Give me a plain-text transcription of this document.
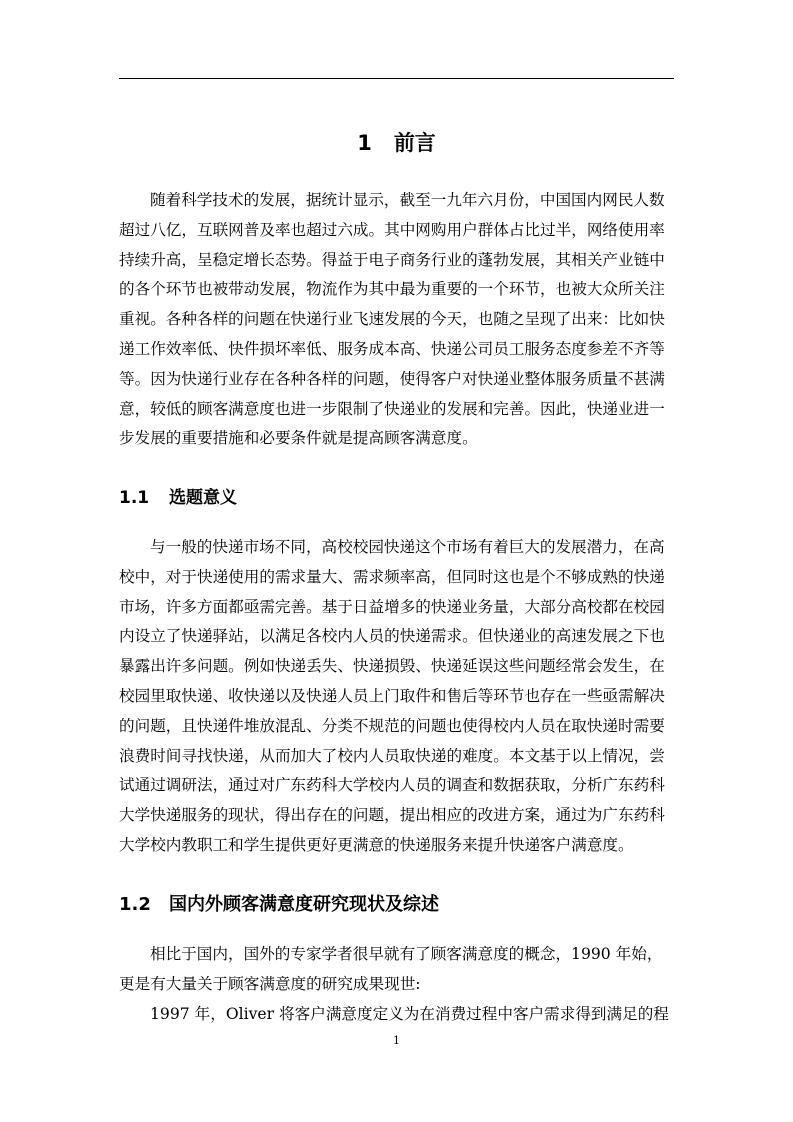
1 前言
随着科学技术的发展，据统计显示，截至一九年六月份，中国国内网民人数
超过八亿，互联网普及率也超过六成。其中网购用户群体占比过半，网络使用率
持续升高，呈稳定增长态势。得益于电子商务行业的蓬勃发展，其相关产业链中
的各个环节也被带动发展，物流作为其中最为重要的一个环节，也被大众所关注
重视。各种各样的问题在快递行业飞速发展的今天，也随之呈现了出来：比如快
递工作效率低、快件损坏率低、服务成本高、快递公司员工服务态度参差不齐等
等。因为快递行业存在各种各样的问题，使得客户对快递业整体服务质量不甚满
意，较低的顾客满意度也进一步限制了快递业的发展和完善。因此，快递业进一
步发展的重要措施和必要条件就是提高顾客满意度。
1.1 选题意义
与一般的快递市场不同，高校校园快递这个市场有着巨大的发展潜力，在高
校中，对于快递使用的需求量大、需求频率高，但同时这也是个不够成熟的快递
市场，许多方面都亟需完善。基于日益增多的快递业务量，大部分高校都在校园
内设立了快递驿站，以满足各校内人员的快递需求。但快递业的高速发展之下也
暴露出许多问题。例如快递丢失、快递损毁、快递延误这些问题经常会发生，在
校园里取快递、收快递以及快递人员上门取件和售后等环节也存在一些亟需解决
的问题，且快递件堆放混乱、分类不规范的问题也使得校内人员在取快递时需要
浪费时间寻找快递，从而加大了校内人员取快递的难度。本文基于以上情况，尝
试通过调研法，通过对广东药科大学校内人员的调查和数据获取，分析广东药科
大学快递服务的现状，得出存在的问题，提出相应的改进方案，通过为广东药科
大学校内教职工和学生提供更好更满意的快递服务来提升快递客户满意度。
1.2 国内外顾客满意度研究现状及综述
相比于国内，国外的专家学者很早就有了顾客满意度的概念，1990 年始，
更是有大量关于顾客满意度的研究成果现世:
1997 年，Oliver 将客户满意度定义为在消费过程中客户需求得到满足的程
1
